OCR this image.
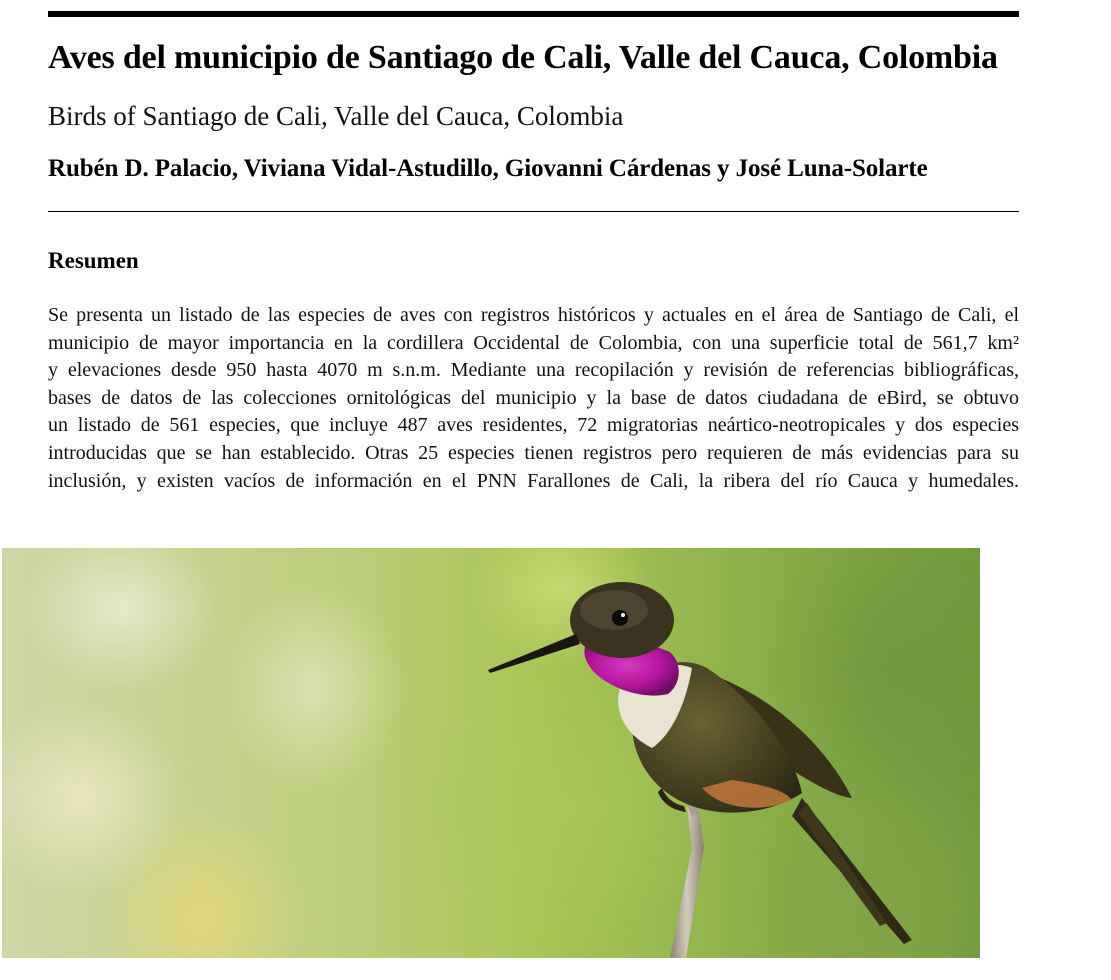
Aves del municipio de Santiago de Cali, Valle del Cauca, Colombia

Birds of Santiago de Cali, Valle del Cauca, Colombia

Rubén D. Palacio, Viviana Vidal-Astudillo, Giovanni Cárdenas y José Luna-Solarte

Resumen
Se presenta un listado de las especies de aves con registros históricos y actuales en el área de Santiago de Cali, el
municipio de mayor importancia en la cordillera Occidental de Colombia, con una superficie total de 561,7 km²
y elevaciones desde 950 hasta 4070 m s.n.m. Mediante una recopilación y revisión de referencias bibliográficas,
bases de datos de las colecciones ornitológicas del municipio y la base de datos ciudadana de eBird, se obtuvo
un listado de 561 especies, que incluye 487 aves residentes, 72 migratorias neártico-neotropicales y dos especies
introducidas que se han establecido. Otras 25 especies tienen registros pero requieren de más evidencias para su
inclusión, y existen vacíos de información en el PNN Farallones de Cali, la ribera del río Cauca y humedales.
